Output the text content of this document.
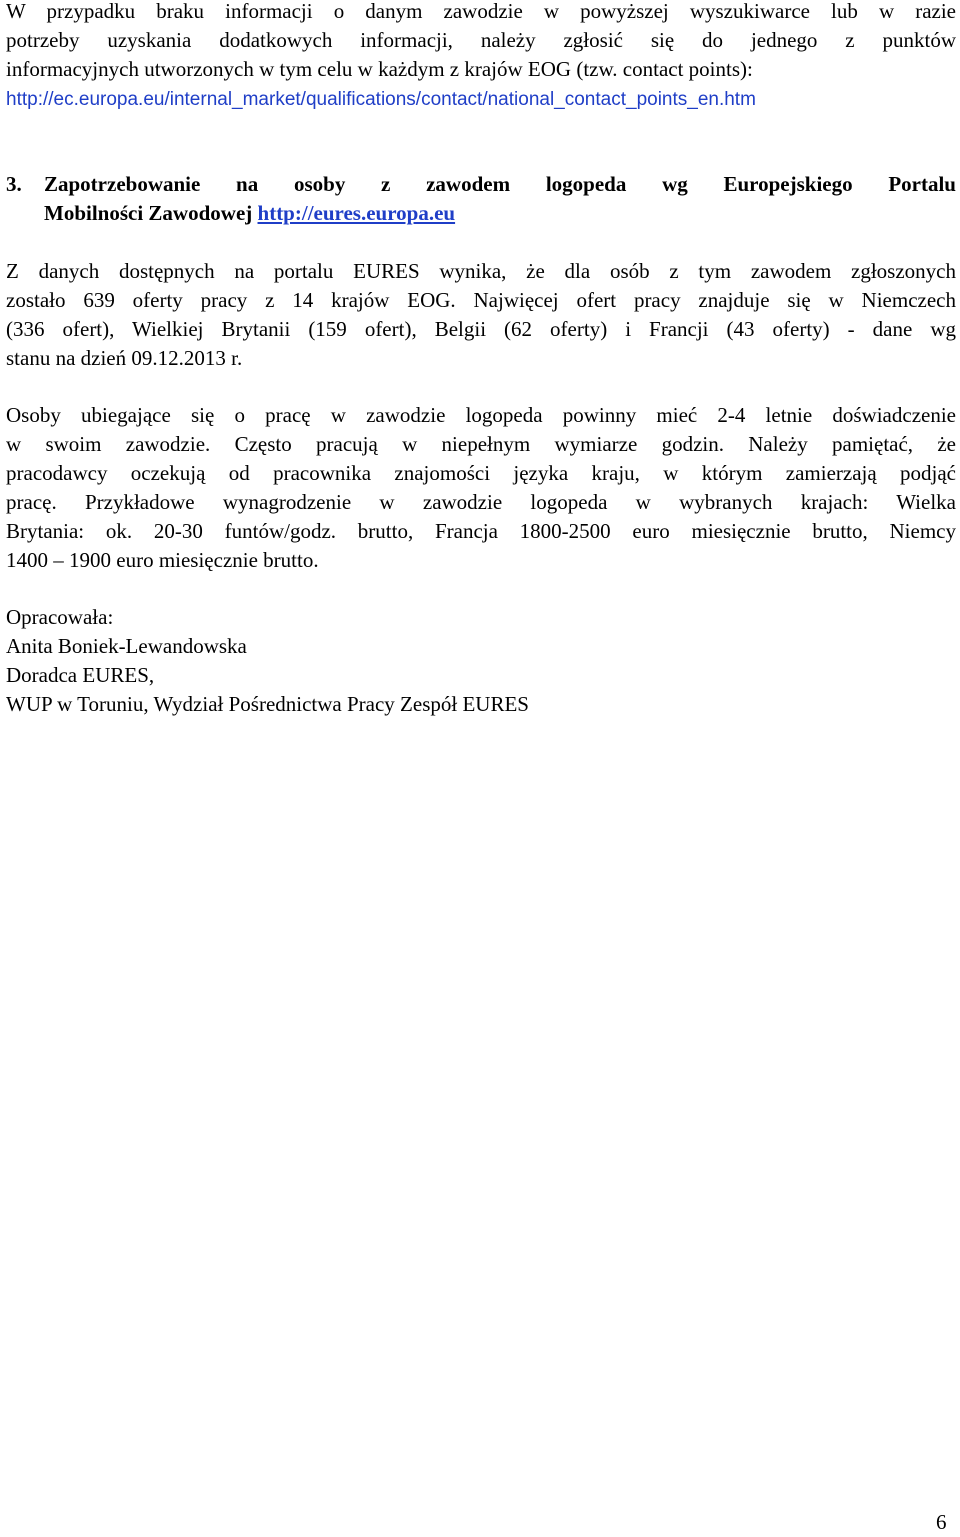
W przypadku braku informacji o danym zawodzie w powyższej wyszukiwarce lub w razie
potrzeby uzyskania dodatkowych informacji, należy zgłosić się do jednego z punktów
informacyjnych utworzonych w tym celu w każdym z krajów EOG (tzw. contact points):
http://ec.europa.eu/internal_market/qualifications/contact/national_contact_points_en.htm
3. Zapotrzebowanie na osoby z zawodem logopeda wg Europejskiego Portalu
Mobilności Zawodowej http://eures.europa.eu
Z danych dostępnych na portalu EURES wynika, że dla osób z tym zawodem zgłoszonych
zostało 639 oferty pracy z 14 krajów EOG. Najwięcej ofert pracy znajduje się w Niemczech
(336 ofert), Wielkiej Brytanii (159 ofert), Belgii (62 oferty) i Francji (43 oferty) - dane wg
stanu na dzień 09.12.2013 r.
Osoby ubiegające się o pracę w zawodzie logopeda powinny mieć 2-4 letnie doświadczenie
w swoim zawodzie. Często pracują w niepełnym wymiarze godzin. Należy pamiętać, że
pracodawcy oczekują od pracownika znajomości języka kraju, w którym zamierzają podjąć
pracę. Przykładowe wynagrodzenie w zawodzie logopeda w wybranych krajach: Wielka
Brytania: ok. 20-30 funtów/godz. brutto, Francja 1800-2500 euro miesięcznie brutto, Niemcy
1400 – 1900 euro miesięcznie brutto.
Opracowała:
Anita Boniek-Lewandowska
Doradca EURES,
WUP w Toruniu, Wydział Pośrednictwa Pracy Zespół EURES
6
